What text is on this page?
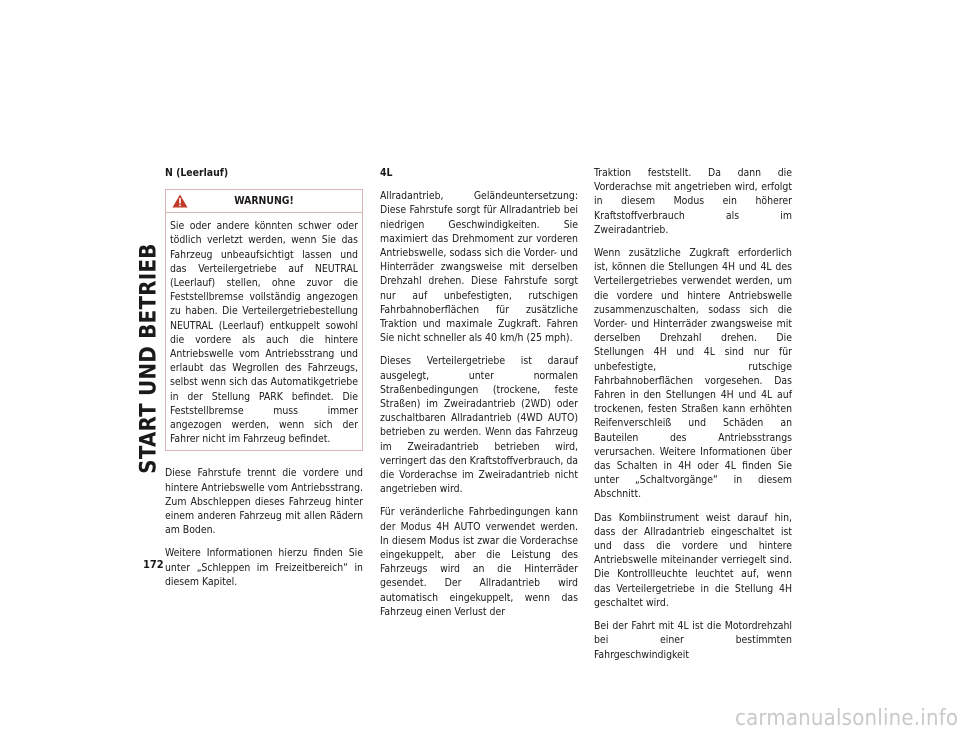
START UND BETRIEB
N (Leerlauf)
WARNUNG!

Sie oder andere könnten schwer oder tödlich verletzt werden, wenn Sie das Fahrzeug unbeaufsichtigt lassen und das Verteilergetriebe auf NEUTRAL (Leerlauf) stellen, ohne zuvor die Feststellbremse vollständig angezogen zu haben. Die Verteilergetriebestellung NEUTRAL (Leerlauf) entkuppelt sowohl die vordere als auch die hintere Antriebswelle vom Antriebsstrang und erlaubt das Wegrollen des Fahrzeugs, selbst wenn sich das Automatikgetriebe in der Stellung PARK befindet. Die Feststellbremse muss immer angezogen werden, wenn sich der Fahrer nicht im Fahrzeug befindet.

Diese Fahrstufe trennt die vordere und hintere Antriebswelle vom Antriebsstrang. Zum Abschleppen dieses Fahrzeug hinter einem anderen Fahrzeug mit allen Rädern am Boden.

Weitere Informationen hierzu finden Sie unter „Schleppen im Freizeitbereich“ in diesem Kapitel.

4L

Allradantrieb, Geländeuntersetzung: Diese Fahrstufe sorgt für Allradantrieb bei niedrigen Geschwindigkeiten. Sie maximiert das Drehmoment zur vorderen Antriebswelle, sodass sich die Vorder- und Hinterräder zwangsweise mit derselben Drehzahl drehen. Diese Fahrstufe sorgt nur auf unbefestigten, rutschigen Fahrbahnoberflächen für zusätzliche Traktion und maximale Zugkraft. Fahren Sie nicht schneller als 40 km/h (25 mph).

Dieses Verteilergetriebe ist darauf ausgelegt, unter normalen Straßenbedingungen (trockene, feste Straßen) im Zweiradantrieb (2WD) oder zuschaltbaren Allradantrieb (4WD AUTO) betrieben zu werden. Wenn das Fahrzeug im Zweiradantrieb betrieben wird, verringert das den Kraftstoffverbrauch, da die Vorderachse im Zweiradantrieb nicht angetrieben wird.

Für veränderliche Fahrbedingungen kann der Modus 4H AUTO verwendet werden. In diesem Modus ist zwar die Vorderachse eingekuppelt, aber die Leistung des Fahrzeugs wird an die Hinterräder gesendet. Der Allradantrieb wird automatisch eingekuppelt, wenn das Fahrzeug einen Verlust der

Traktion feststellt. Da dann die Vorderachse mit angetrieben wird, erfolgt in diesem Modus ein höherer Kraftstoffverbrauch als im Zweiradantrieb.

Wenn zusätzliche Zugkraft erforderlich ist, können die Stellungen 4H und 4L des Verteilergetriebes verwendet werden, um die vordere und hintere Antriebswelle zusammenzuschalten, sodass sich die Vorder- und Hinterräder zwangsweise mit derselben Drehzahl drehen. Die Stellungen 4H und 4L sind nur für unbefestigte, rutschige Fahrbahnoberflächen vorgesehen. Das Fahren in den Stellungen 4H und 4L auf trockenen, festen Straßen kann erhöhten Reifenverschleiß und Schäden an Bauteilen des Antriebsstrangs verursachen. Weitere Informationen über das Schalten in 4H oder 4L finden Sie unter „Schaltvorgänge“ in diesem Abschnitt.

Das Kombiinstrument weist darauf hin, dass der Allradantrieb eingeschaltet ist und dass die vordere und hintere Antriebswelle miteinander verriegelt sind. Die Kontrollleuchte leuchtet auf, wenn das Verteilergetriebe in die Stellung 4H geschaltet wird.

Bei der Fahrt mit 4L ist die Motordrehzahl bei einer bestimmten Fahrgeschwindigkeit

172
carmanualsonline.info
